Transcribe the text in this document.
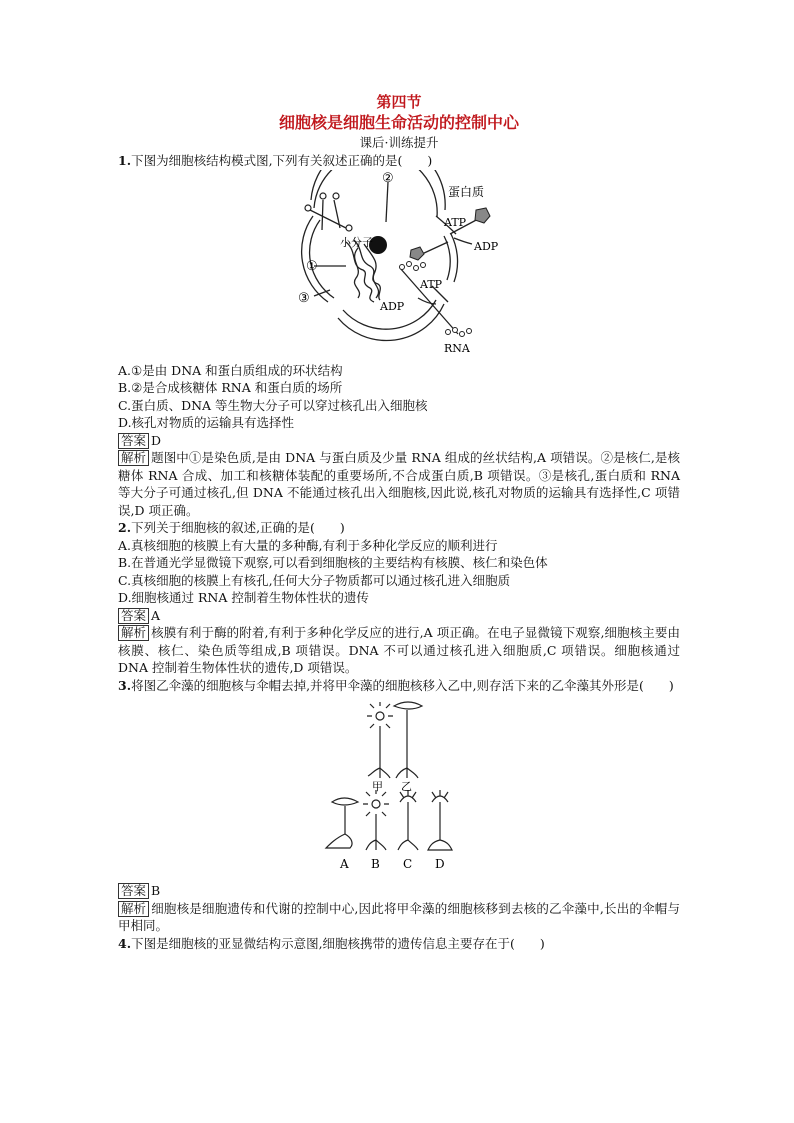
第四节
细胞核是细胞生命活动的控制中心
课后·训练提升
1.下图为细胞核结构模式图,下列有关叙述正确的是(　　)
①
②
③
蛋白质
ATP
ADP
小分子
ATP
ADP
RNA
A.①是由 DNA 和蛋白质组成的环状结构
B.②是合成核糖体 RNA 和蛋白质的场所
C.蛋白质、DNA 等生物大分子可以穿过核孔出入细胞核
D.核孔对物质的运输具有选择性
答案 D
解析 题图中①是染色质,是由 DNA 与蛋白质及少量 RNA 组成的丝状结构,A 项错误。②是核仁,是核糖体 RNA 合成、加工和核糖体装配的重要场所,不合成蛋白质,B 项错误。③是核孔,蛋白质和 RNA 等大分子可通过核孔,但 DNA 不能通过核孔出入细胞核,因此说,核孔对物质的运输具有选择性,C 项错误,D 项正确。
2.下列关于细胞核的叙述,正确的是(　　)
A.真核细胞的核膜上有大量的多种酶,有利于多种化学反应的顺利进行
B.在普通光学显微镜下观察,可以看到细胞核的主要结构有核膜、核仁和染色体
C.真核细胞的核膜上有核孔,任何大分子物质都可以通过核孔进入细胞质
D.细胞核通过 RNA 控制着生物体性状的遗传
答案 A
解析 核膜有利于酶的附着,有利于多种化学反应的进行,A 项正确。在电子显微镜下观察,细胞核主要由核膜、核仁、染色质等组成,B 项错误。DNA 不可以通过核孔进入细胞质,C 项错误。细胞核通过 DNA 控制着生物体性状的遗传,D 项错误。
3.将图乙伞藻的细胞核与伞帽去掉,并将甲伞藻的细胞核移入乙中,则存活下来的乙伞藻其外形是(　　)
甲 乙
A B C D
答案 B
解析 细胞核是细胞遗传和代谢的控制中心,因此将甲伞藻的细胞核移到去核的乙伞藻中,长出的伞帽与甲相同。
4.下图是细胞核的亚显微结构示意图,细胞核携带的遗传信息主要存在于(　　)
